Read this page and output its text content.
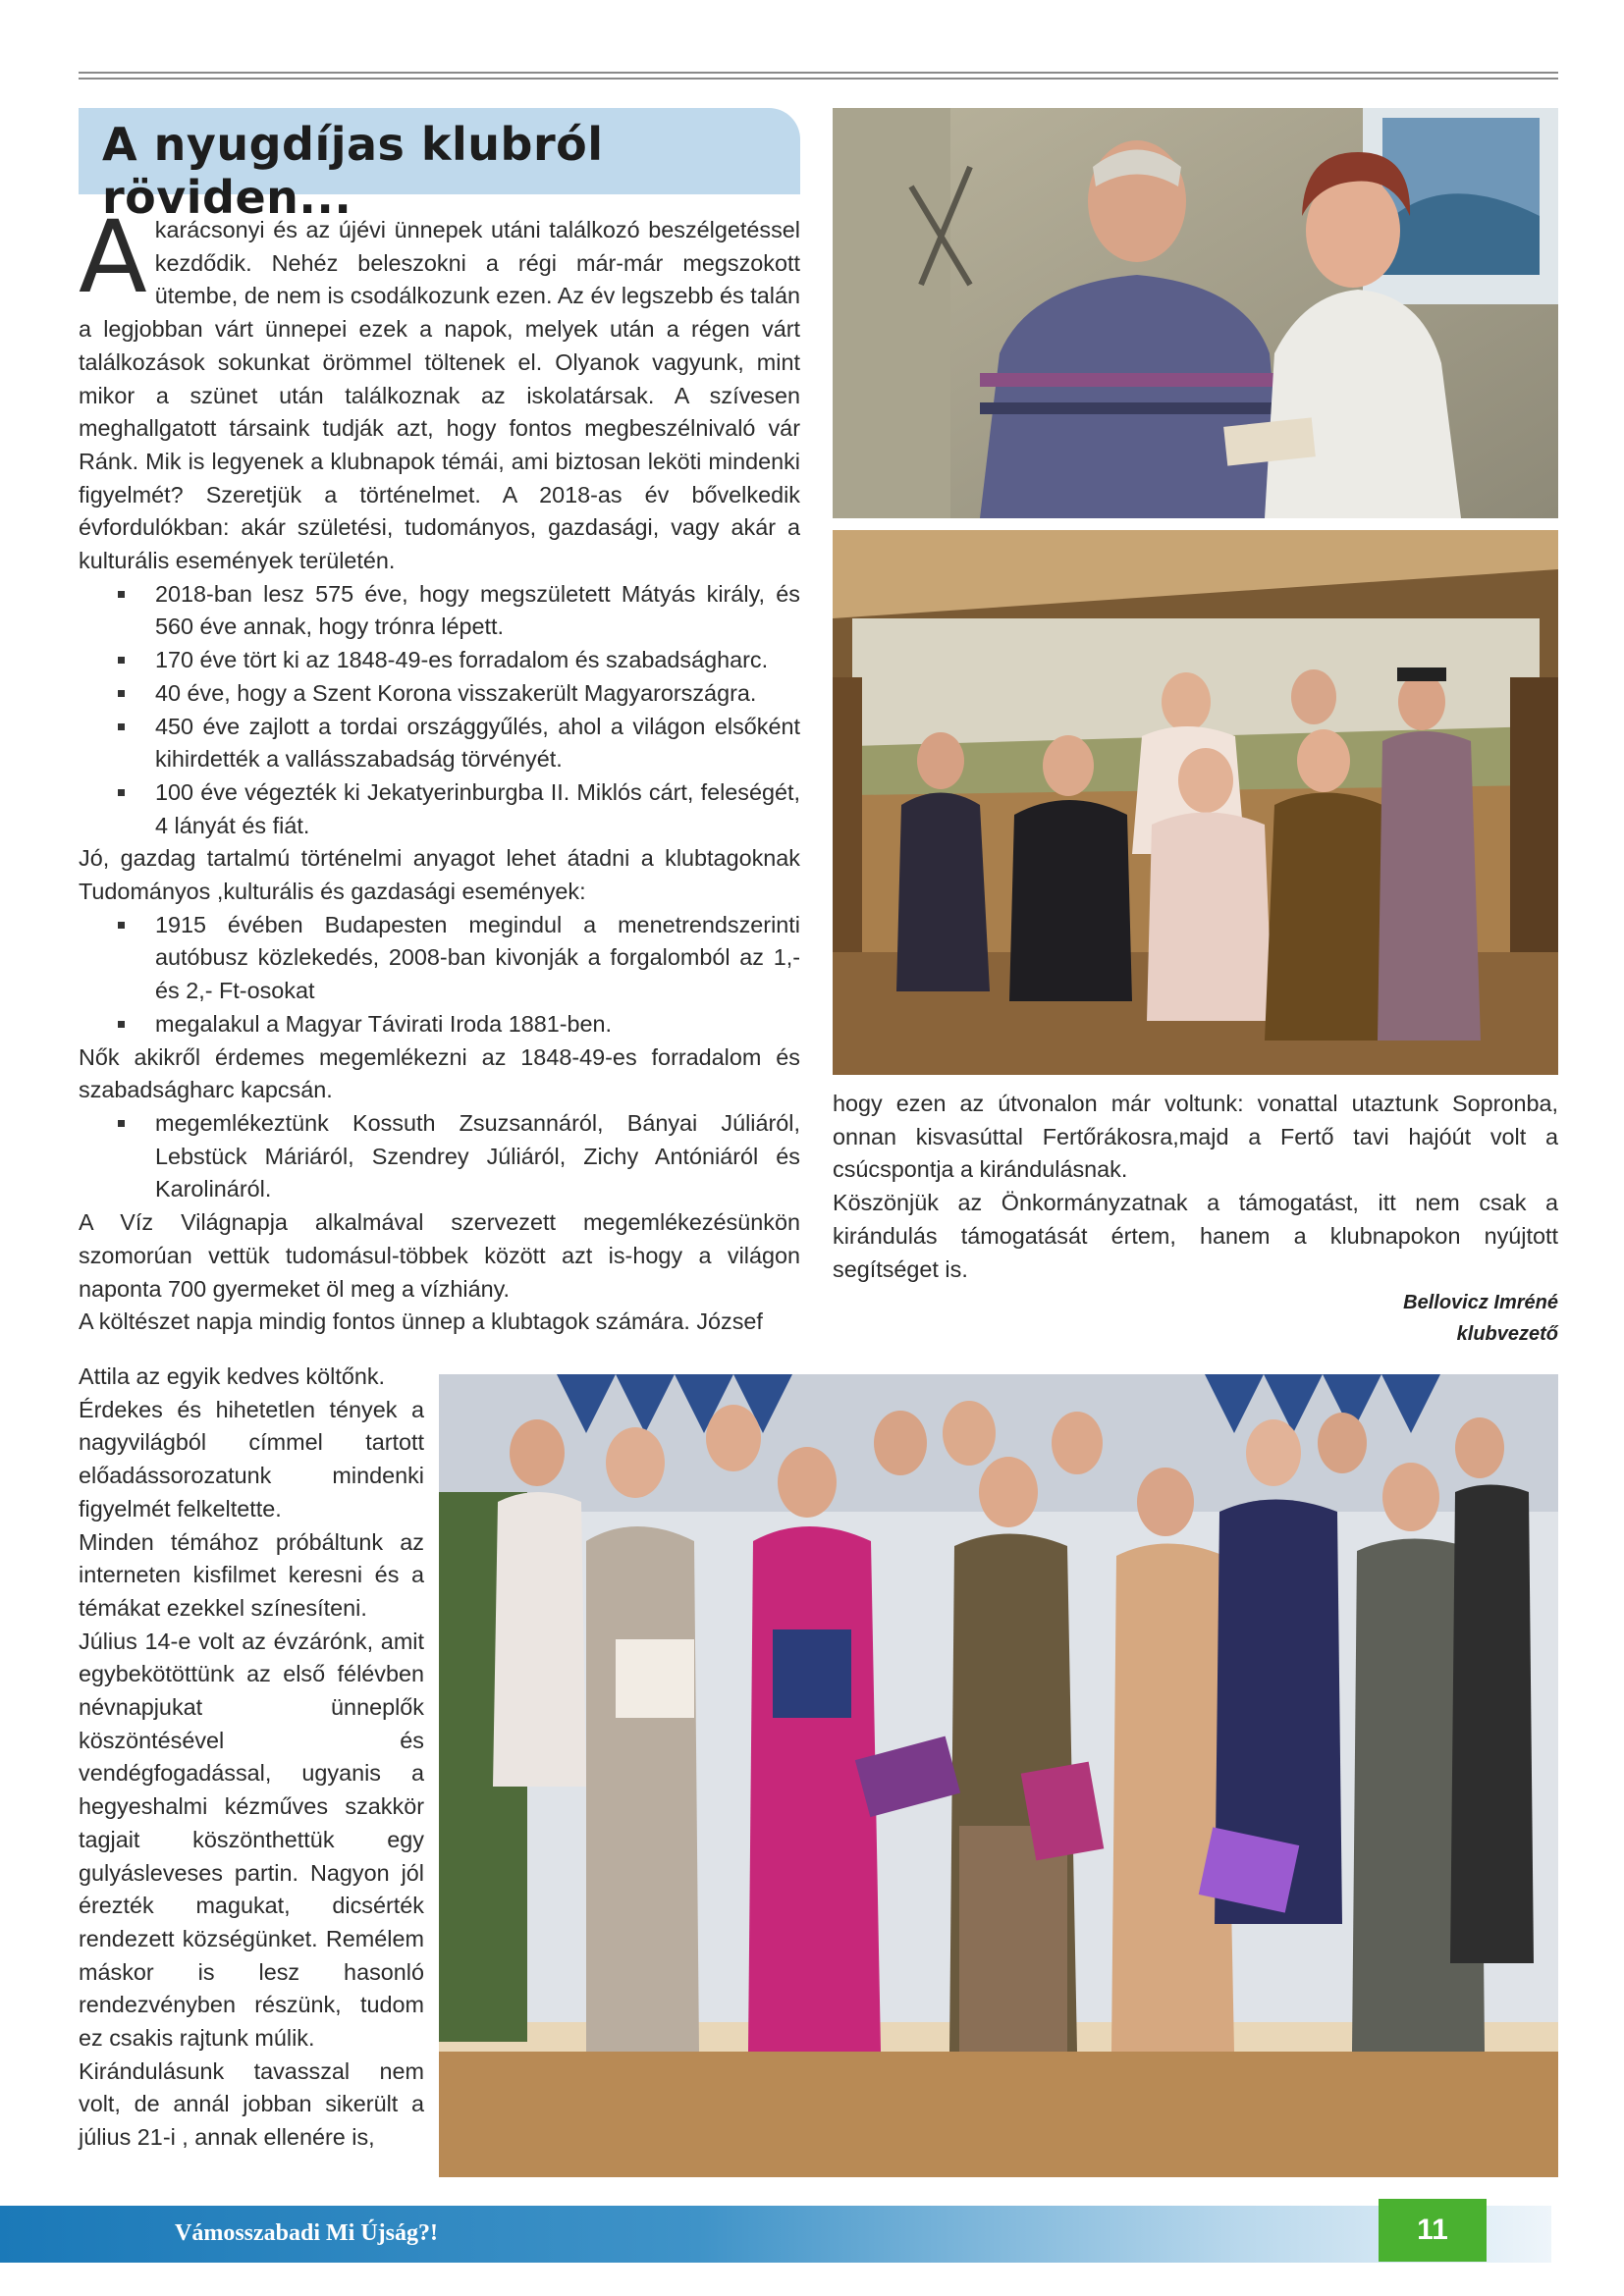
A nyugdíjas klubról röviden...

A karácsonyi és az újévi ünnepek utáni találkozó beszélgetéssel kezdődik. Nehéz beleszokni a régi már-már megszokott ütembe, de nem is csodálkozunk ezen. Az év legszebb és talán a legjobban várt ünnepei ezek a napok, melyek után a régen várt találkozások sokunkat örömmel töltenek el. Olyanok vagyunk, mint mikor a szünet után találkoznak az iskolatársak. A szívesen meghallgatott társaink tudják azt, hogy fontos megbeszélnivaló vár Ránk. Mik is legyenek a klubnapok témái, ami biztosan leköti mindenki figyelmét? Szeretjük a történelmet. A 2018-as év bővelkedik évfordulókban: akár születési, tudományos, gazdasági, vagy akár a kulturális események területén.

2018-ban lesz 575 éve, hogy megszületett Mátyás király, és 560 éve annak, hogy trónra lépett.
170 éve tört ki az 1848-49-es forradalom és szabadságharc.
40 éve, hogy a Szent Korona visszakerült Magyarországra.
450 éve zajlott a tordai országgyűlés, ahol a világon elsőként kihirdették a vallásszabadság törvényét.
100 éve végezték ki Jekatyerinburgba II. Miklós cárt, feleségét, 4 lányát és fiát.

Jó, gazdag tartalmú történelmi anyagot lehet átadni a klubtagoknak Tudományos ,kulturális és gazdasági események:

1915 évében Budapesten megindul a menetrendszerinti autóbusz közlekedés, 2008-ban kivonják a forgalomból az 1,- és 2,- Ft-osokat
megalakul a Magyar Távirati Iroda 1881-ben.

Nők akikről érdemes megemlékezni az 1848-49-es forradalom és szabadságharc kapcsán.

megemlékeztünk Kossuth Zsuzsannáról, Bányai Júliáról, Lebstück Máriáról, Szendrey Júliáról, Zichy Antóniáról és Karolináról.

A Víz Világnapja alkalmával szervezett megemlékezésünkön szomorúan vettük tudomásul-többek között azt is-hogy a világon naponta 700 gyermeket öl meg a vízhiány.

A költészet napja mindig fontos ünnep a klubtagok számára. József

Attila az egyik kedves költőnk.

Érdekes és hihetetlen tények a nagyvilágból címmel tartott előadássorozatunk mindenki figyelmét felkeltette.

Minden témához próbáltunk az interneten kisfilmet keresni és a témákat ezekkel színesíteni.

Július 14-e volt az évzárónk, amit egybekötöttünk az első félévben névnapjukat ünneplők köszöntésével és vendégfogadással, ugyanis a hegyeshalmi kézműves szakkör tagjait köszönthettük egy gulyásleveses partin. Nagyon jól érezték magukat, dicsérték rendezett községünket. Remélem máskor is lesz hasonló rendezvényben részünk, tudom ez csakis rajtunk múlik.

Kirándulásunk tavasszal nem volt, de annál jobban sikerült a július 21-i , annak ellenére is,

hogy ezen az útvonalon már voltunk: vonattal utaztunk Sopronba, onnan kisvasúttal Fertőrákosra,majd a Fertő tavi hajóút volt a csúcspontja a kirándulásnak.

Köszönjük az Önkormányzatnak a támogatást, itt nem csak a kirándulás támogatását értem, hanem a klubnapokon nyújtott segítséget is.

Bellovicz Imréné
klubvezető
Vámosszabadi Mi Újság?!	11
